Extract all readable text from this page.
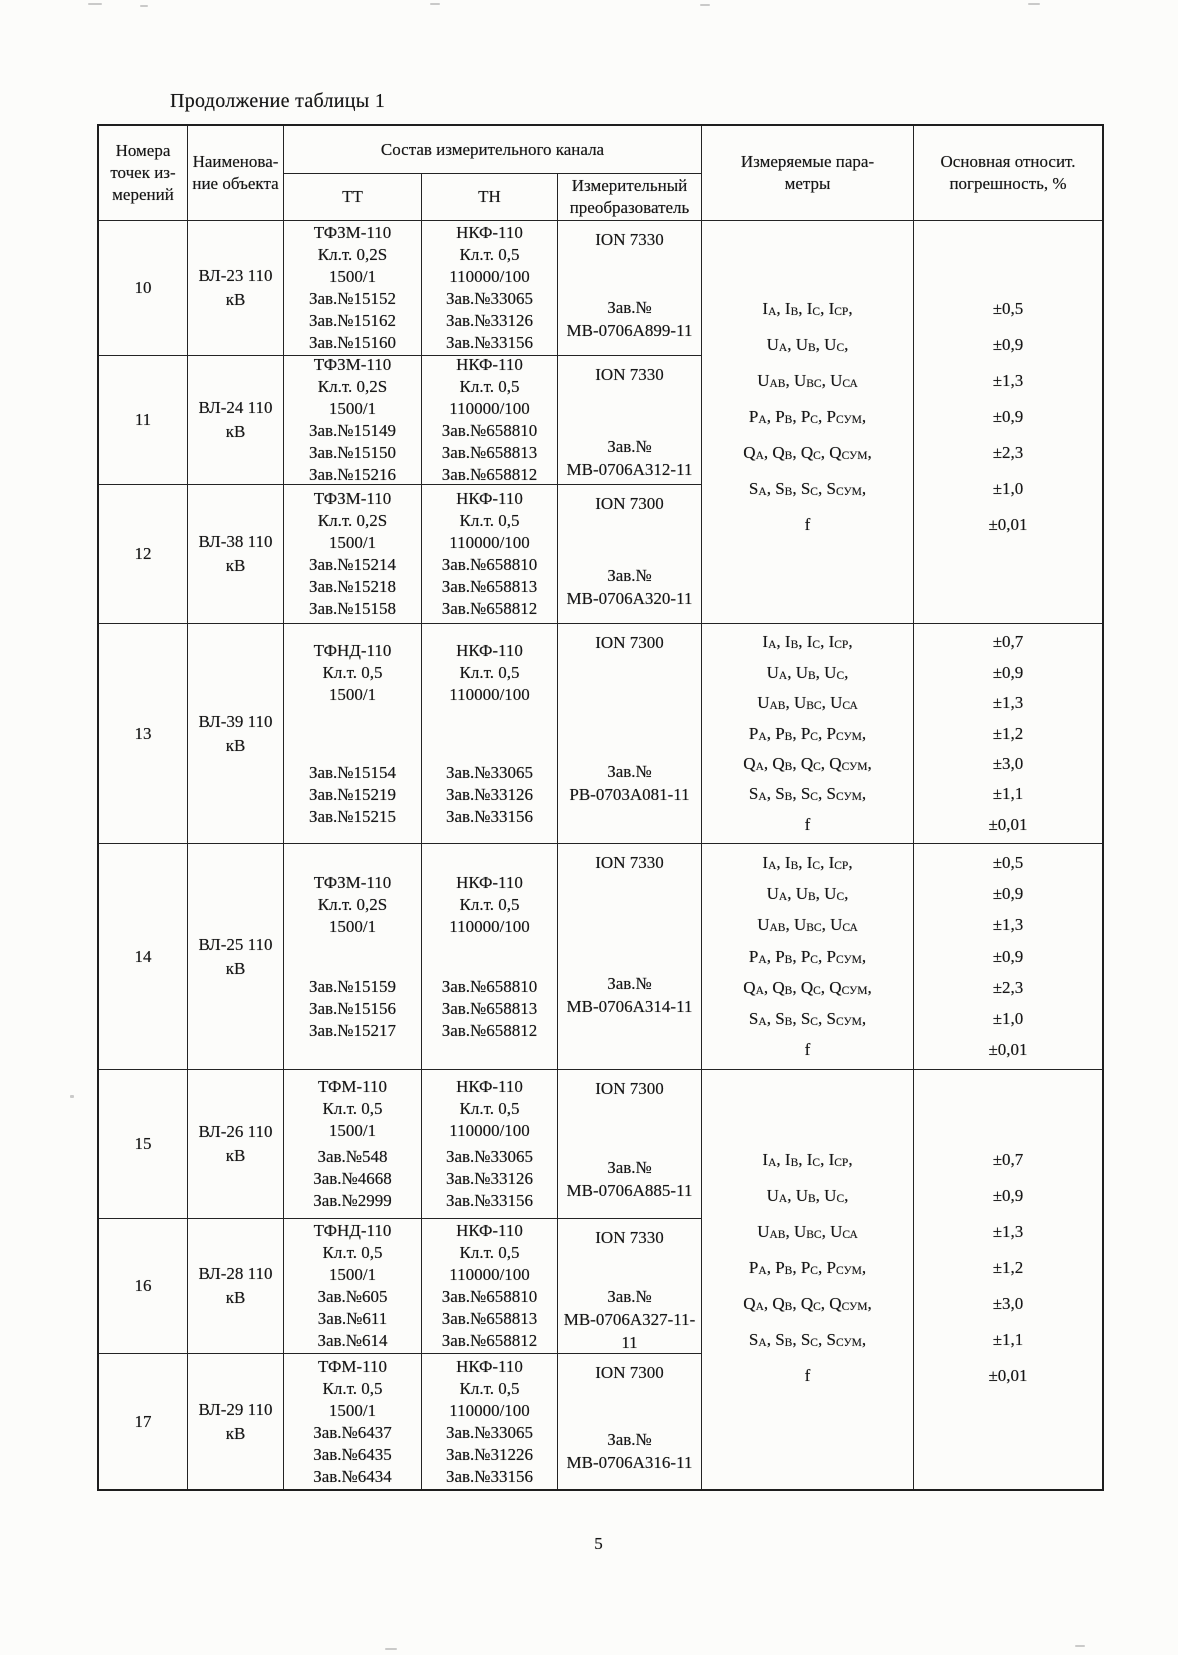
Продолжение таблицы 1
Номера
точек из-
мерений
Наименова-
ние объекта
Состав измерительного канала
ТТ	ТН
Измерительный
преобразователь
Измеряемые пара-
метры
Основная относит.
погрешность, %
10
ВЛ-23 110
кВ
ТФЗМ-110
Кл.т. 0,2S
1500/1
Зав.№15152
Зав.№15162
Зав.№15160
НКФ-110
Кл.т. 0,5
110000/100
Зав.№33065
Зав.№33126
Зав.№33156
ION 7330
Зав.№
МВ-0706А899-11
11
ВЛ-24 110
кВ
ТФЗМ-110
Кл.т. 0,2S
1500/1
Зав.№15149
Зав.№15150
Зав.№15216
НКФ-110
Кл.т. 0,5
110000/100
Зав.№658810
Зав.№658813
Зав.№658812
ION 7330
Зав.№
МВ-0706А312-11
12
ВЛ-38 110
кВ
ТФЗМ-110
Кл.т. 0,2S
1500/1
Зав.№15214
Зав.№15218
Зав.№15158
НКФ-110
Кл.т. 0,5
110000/100
Зав.№658810
Зав.№658813
Зав.№658812
ION 7300
Зав.№
МВ-0706А320-11
$I_А$ , $I_В$ , $I_С$ , $I_{СР}$ ,
$U_А$ , $U_В$ , $U_С$ ,
$U_{АВ}$ , $U_{ВС}$ , $U_{СА}$
$P_А$ , $P_В$ , $P_С$ , $P_{СУМ}$ ,
$Q_А$ , $Q_В$ , $Q_С$ , $Q_{СУМ}$ ,
$S_А$ , $S_В$ , $S_С$ , $S_{СУМ}$ ,
f
±0,5
±0,9
±1,3
±0,9
±2,3
±1,0
±0,01
13
ВЛ-39 110
кВ
ТФНД-110
Кл.т. 0,5
1500/1
Зав.№15154
Зав.№15219
Зав.№15215
НКФ-110
Кл.т. 0,5
110000/100
Зав.№33065
Зав.№33126
Зав.№33156
ION 7300
Зав.№
РВ-0703А081-11
$I_А$ , $I_В$ , $I_С$ , $I_{СР}$ ,
$U_А$ , $U_В$ , $U_С$ ,
$U_{АВ}$ , $U_{ВС}$ , $U_{СА}$
$P_А$ , $P_В$ , $P_С$ , $P_{СУМ}$ ,
$Q_А$ , $Q_В$ , $Q_С$ , $Q_{СУМ}$ ,
$S_А$ , $S_В$ , $S_С$ , $S_{СУМ}$ ,
f
±0,7
±0,9
±1,3
±1,2
±3,0
±1,1
±0,01
14
ВЛ-25 110
кВ
ТФЗМ-110
Кл.т. 0,2S
1500/1
Зав.№15159
Зав.№15156
Зав.№15217
НКФ-110
Кл.т. 0,5
110000/100
Зав.№658810
Зав.№658813
Зав.№658812
ION 7330
Зав.№
МВ-0706А314-11
$I_А$ , $I_В$ , $I_С$ , $I_{СР}$ ,
$U_А$ , $U_В$ , $U_С$ ,
$U_{АВ}$ , $U_{ВС}$ , $U_{СА}$
$P_А$ , $P_В$ , $P_С$ , $P_{СУМ}$ ,
$Q_А$ , $Q_В$ , $Q_С$ , $Q_{СУМ}$ ,
$S_А$ , $S_В$ , $S_С$ , $S_{СУМ}$ ,
f
±0,5
±0,9
±1,3
±0,9
±2,3
±1,0
±0,01
15
ВЛ-26 110
кВ
ТФМ-110
Кл.т. 0,5
1500/1
Зав.№548
Зав.№4668
Зав.№2999
НКФ-110
Кл.т. 0,5
110000/100
Зав.№33065
Зав.№33126
Зав.№33156
ION 7300
Зав.№
МВ-0706А885-11
16
ВЛ-28 110
кВ
ТФНД-110
Кл.т. 0,5
1500/1
Зав.№605
Зав.№611
Зав.№614
НКФ-110
Кл.т. 0,5
110000/100
Зав.№658810
Зав.№658813
Зав.№658812
ION 7330
Зав.№
МВ-0706А327-11-
11
17
ВЛ-29 110
кВ
ТФМ-110
Кл.т. 0,5
1500/1
Зав.№6437
Зав.№6435
Зав.№6434
НКФ-110
Кл.т. 0,5
110000/100
Зав.№33065
Зав.№31226
Зав.№33156
ION 7300
Зав.№
МВ-0706А316-11
$I_А$ , $I_В$ , $I_С$ , $I_{СР}$ ,
$U_А$ , $U_В$ , $U_С$ ,
$U_{АВ}$ , $U_{ВС}$ , $U_{СА}$
$P_А$ , $P_В$ , $P_С$ , $P_{СУМ}$ ,
$Q_А$ , $Q_В$ , $Q_С$ , $Q_{СУМ}$ ,
$S_А$ , $S_В$ , $S_С$ , $S_{СУМ}$ ,
f
±0,7
±0,9
±1,3
±1,2
±3,0
±1,1
±0,01
5
